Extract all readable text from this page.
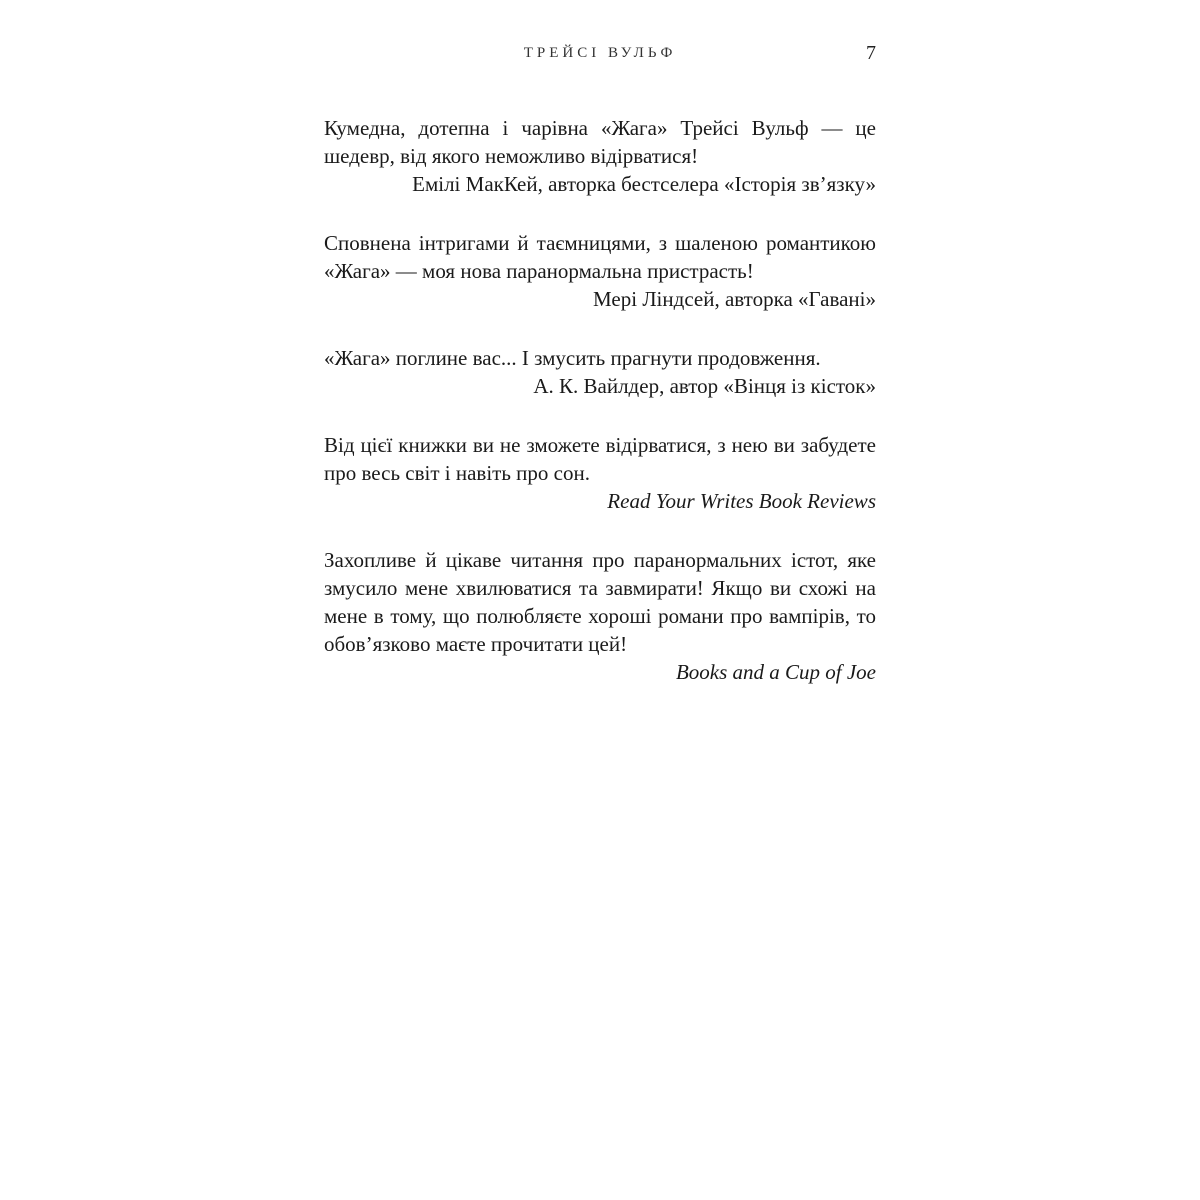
ТРЕЙСІ ВУЛЬФ	7

Кумедна, дотепна і чарівна «Жага» Трейсі Вульф — це шедевр, від якого неможливо відірватися!

Емілі МакКей, авторка бестселера «Історія зв’язку»

Сповнена інтригами й таємницями, з шаленою романтикою «Жага» — моя нова паранормальна пристрасть!

Мері Ліндсей, авторка «Гавані»

«Жага» поглине вас... І змусить прагнути продовження.

А. К. Вайлдер, автор «Вінця із кісток»

Від цієї книжки ви не зможете відірватися, з нею ви забудете про весь світ і навіть про сон.

Read Your Writes Book Reviews

Захопливе й цікаве читання про паранормальних істот, яке змусило мене хвилюватися та завмирати! Якщо ви схожі на мене в тому, що полюбляєте хороші романи про вампірів, то обов’язково маєте прочитати цей!

Books and a Cup of Joe
